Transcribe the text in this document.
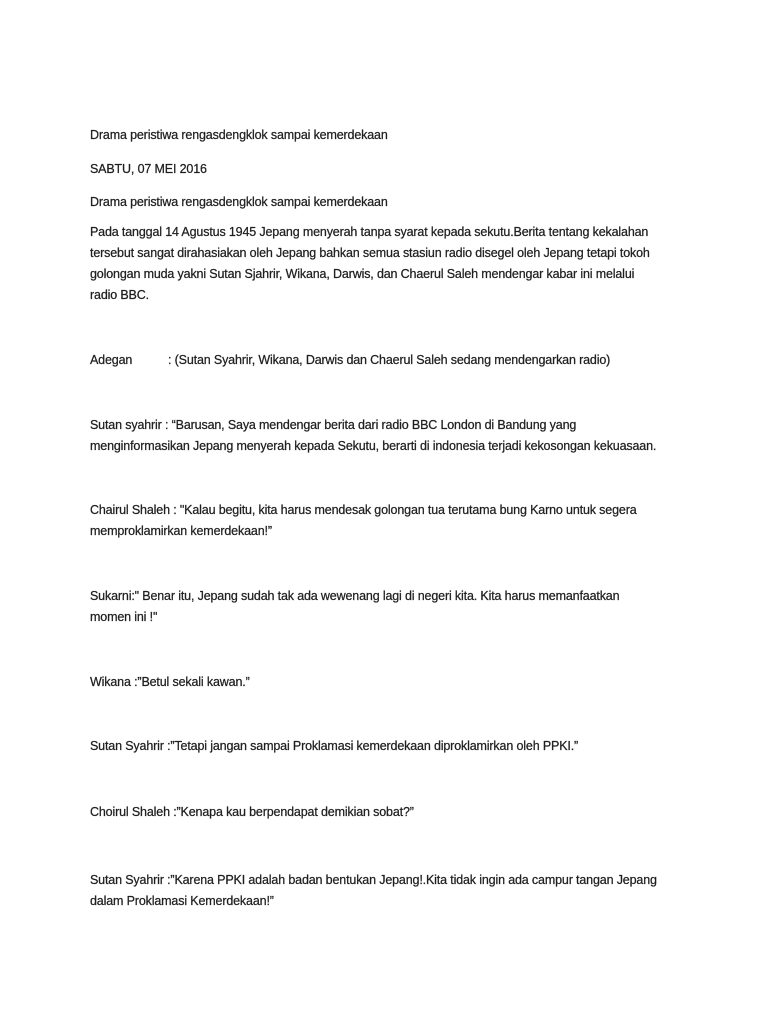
Drama peristiwa rengasdengklok sampai kemerdekaan
SABTU, 07 MEI 2016
Drama peristiwa rengasdengklok sampai kemerdekaan
Pada tanggal 14 Agustus 1945 Jepang menyerah tanpa syarat kepada sekutu.Berita tentang kekalahan
tersebut sangat dirahasiakan oleh Jepang bahkan semua stasiun radio disegel oleh Jepang tetapi tokoh
golongan muda yakni Sutan Sjahrir, Wikana, Darwis, dan Chaerul Saleh mendengar kabar ini melalui
radio BBC.
Adegan	: (Sutan Syahrir, Wikana, Darwis dan Chaerul Saleh sedang mendengarkan radio)
Sutan syahrir : “Barusan, Saya mendengar berita dari radio BBC London di Bandung yang
menginformasikan Jepang menyerah kepada Sekutu, berarti di indonesia terjadi kekosongan kekuasaan.
Chairul Shaleh : "Kalau begitu, kita harus mendesak golongan tua terutama bung Karno untuk segera
memproklamirkan kemerdekaan!”
Sukarni:" Benar itu, Jepang sudah tak ada wewenang lagi di negeri kita. Kita harus memanfaatkan
momen ini !"
Wikana :”Betul sekali kawan.”
Sutan Syahrir :”Tetapi jangan sampai Proklamasi kemerdekaan diproklamirkan oleh PPKI.”
Choirul Shaleh :”Kenapa kau berpendapat demikian sobat?”
Sutan Syahrir :”Karena PPKI adalah badan bentukan Jepang!.Kita tidak ingin ada campur tangan Jepang
dalam Proklamasi Kemerdekaan!”
